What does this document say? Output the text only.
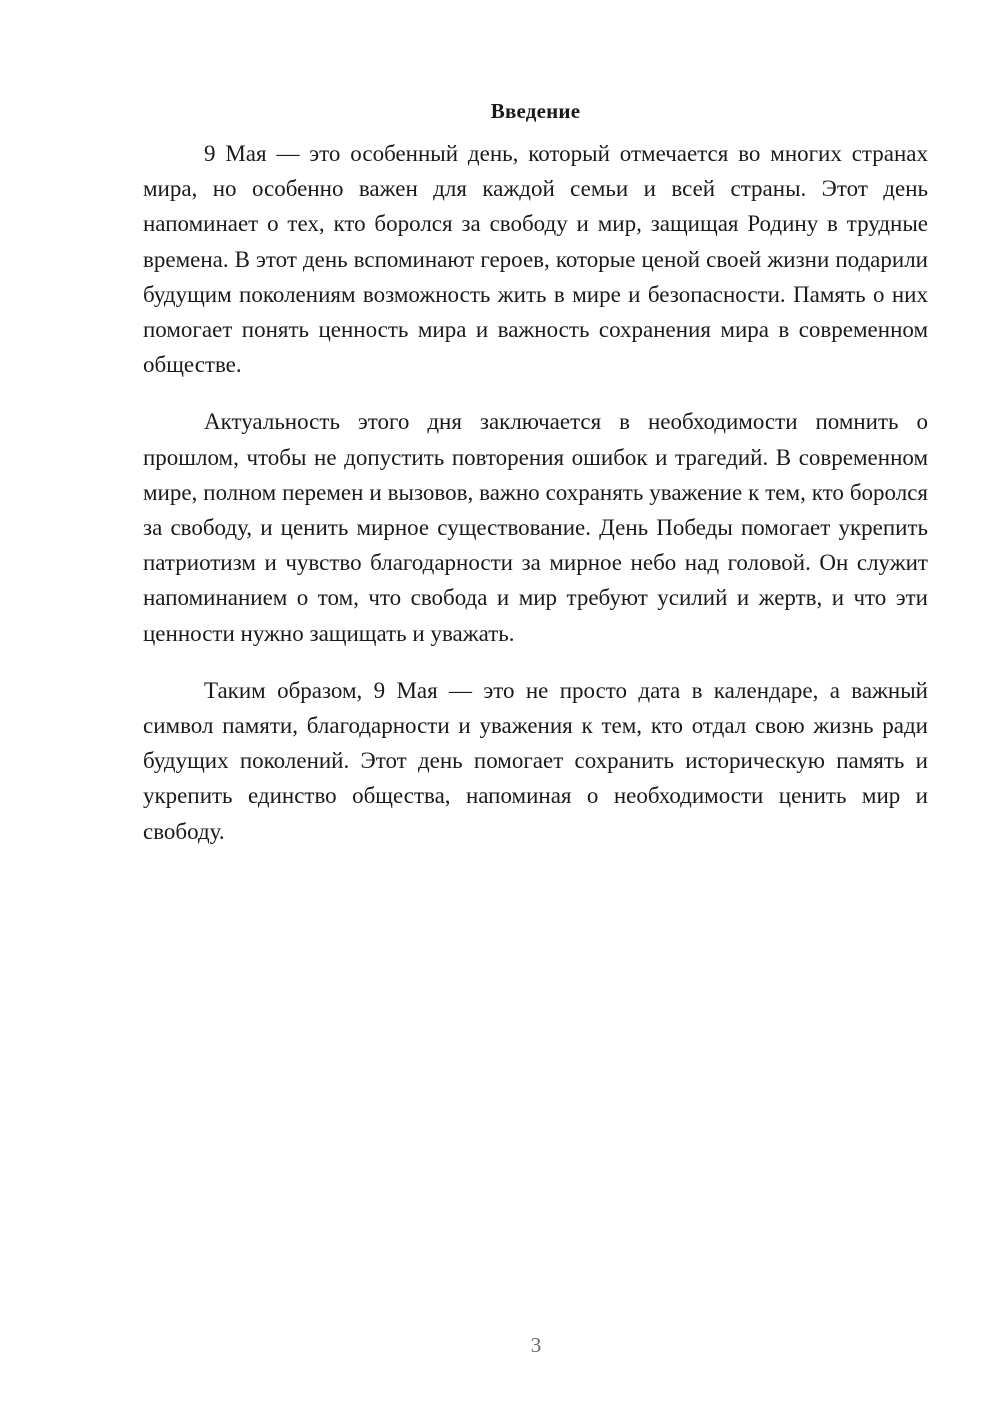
Введение

9 Мая — это особенный день, который отмечается во многих странах мира, но особенно важен для каждой семьи и всей страны. Этот день напоминает о тех, кто боролся за свободу и мир, защищая Родину в трудные времена. В этот день вспоминают героев, которые ценой своей жизни подарили будущим поколениям возможность жить в мире и безопасности. Память о них помогает понять ценность мира и важность сохранения мира в современном обществе.

Актуальность этого дня заключается в необходимости помнить о прошлом, чтобы не допустить повторения ошибок и трагедий. В современном мире, полном перемен и вызовов, важно сохранять уважение к тем, кто боролся за свободу, и ценить мирное существование. День Победы помогает укрепить патриотизм и чувство благодарности за мирное небо над головой. Он служит напоминанием о том, что свобода и мир требуют усилий и жертв, и что эти ценности нужно защищать и уважать.

Таким образом, 9 Мая — это не просто дата в календаре, а важный символ памяти, благодарности и уважения к тем, кто отдал свою жизнь ради будущих поколений. Этот день помогает сохранить историческую память и укрепить единство общества, напоминая о необходимости ценить мир и свободу.

3
